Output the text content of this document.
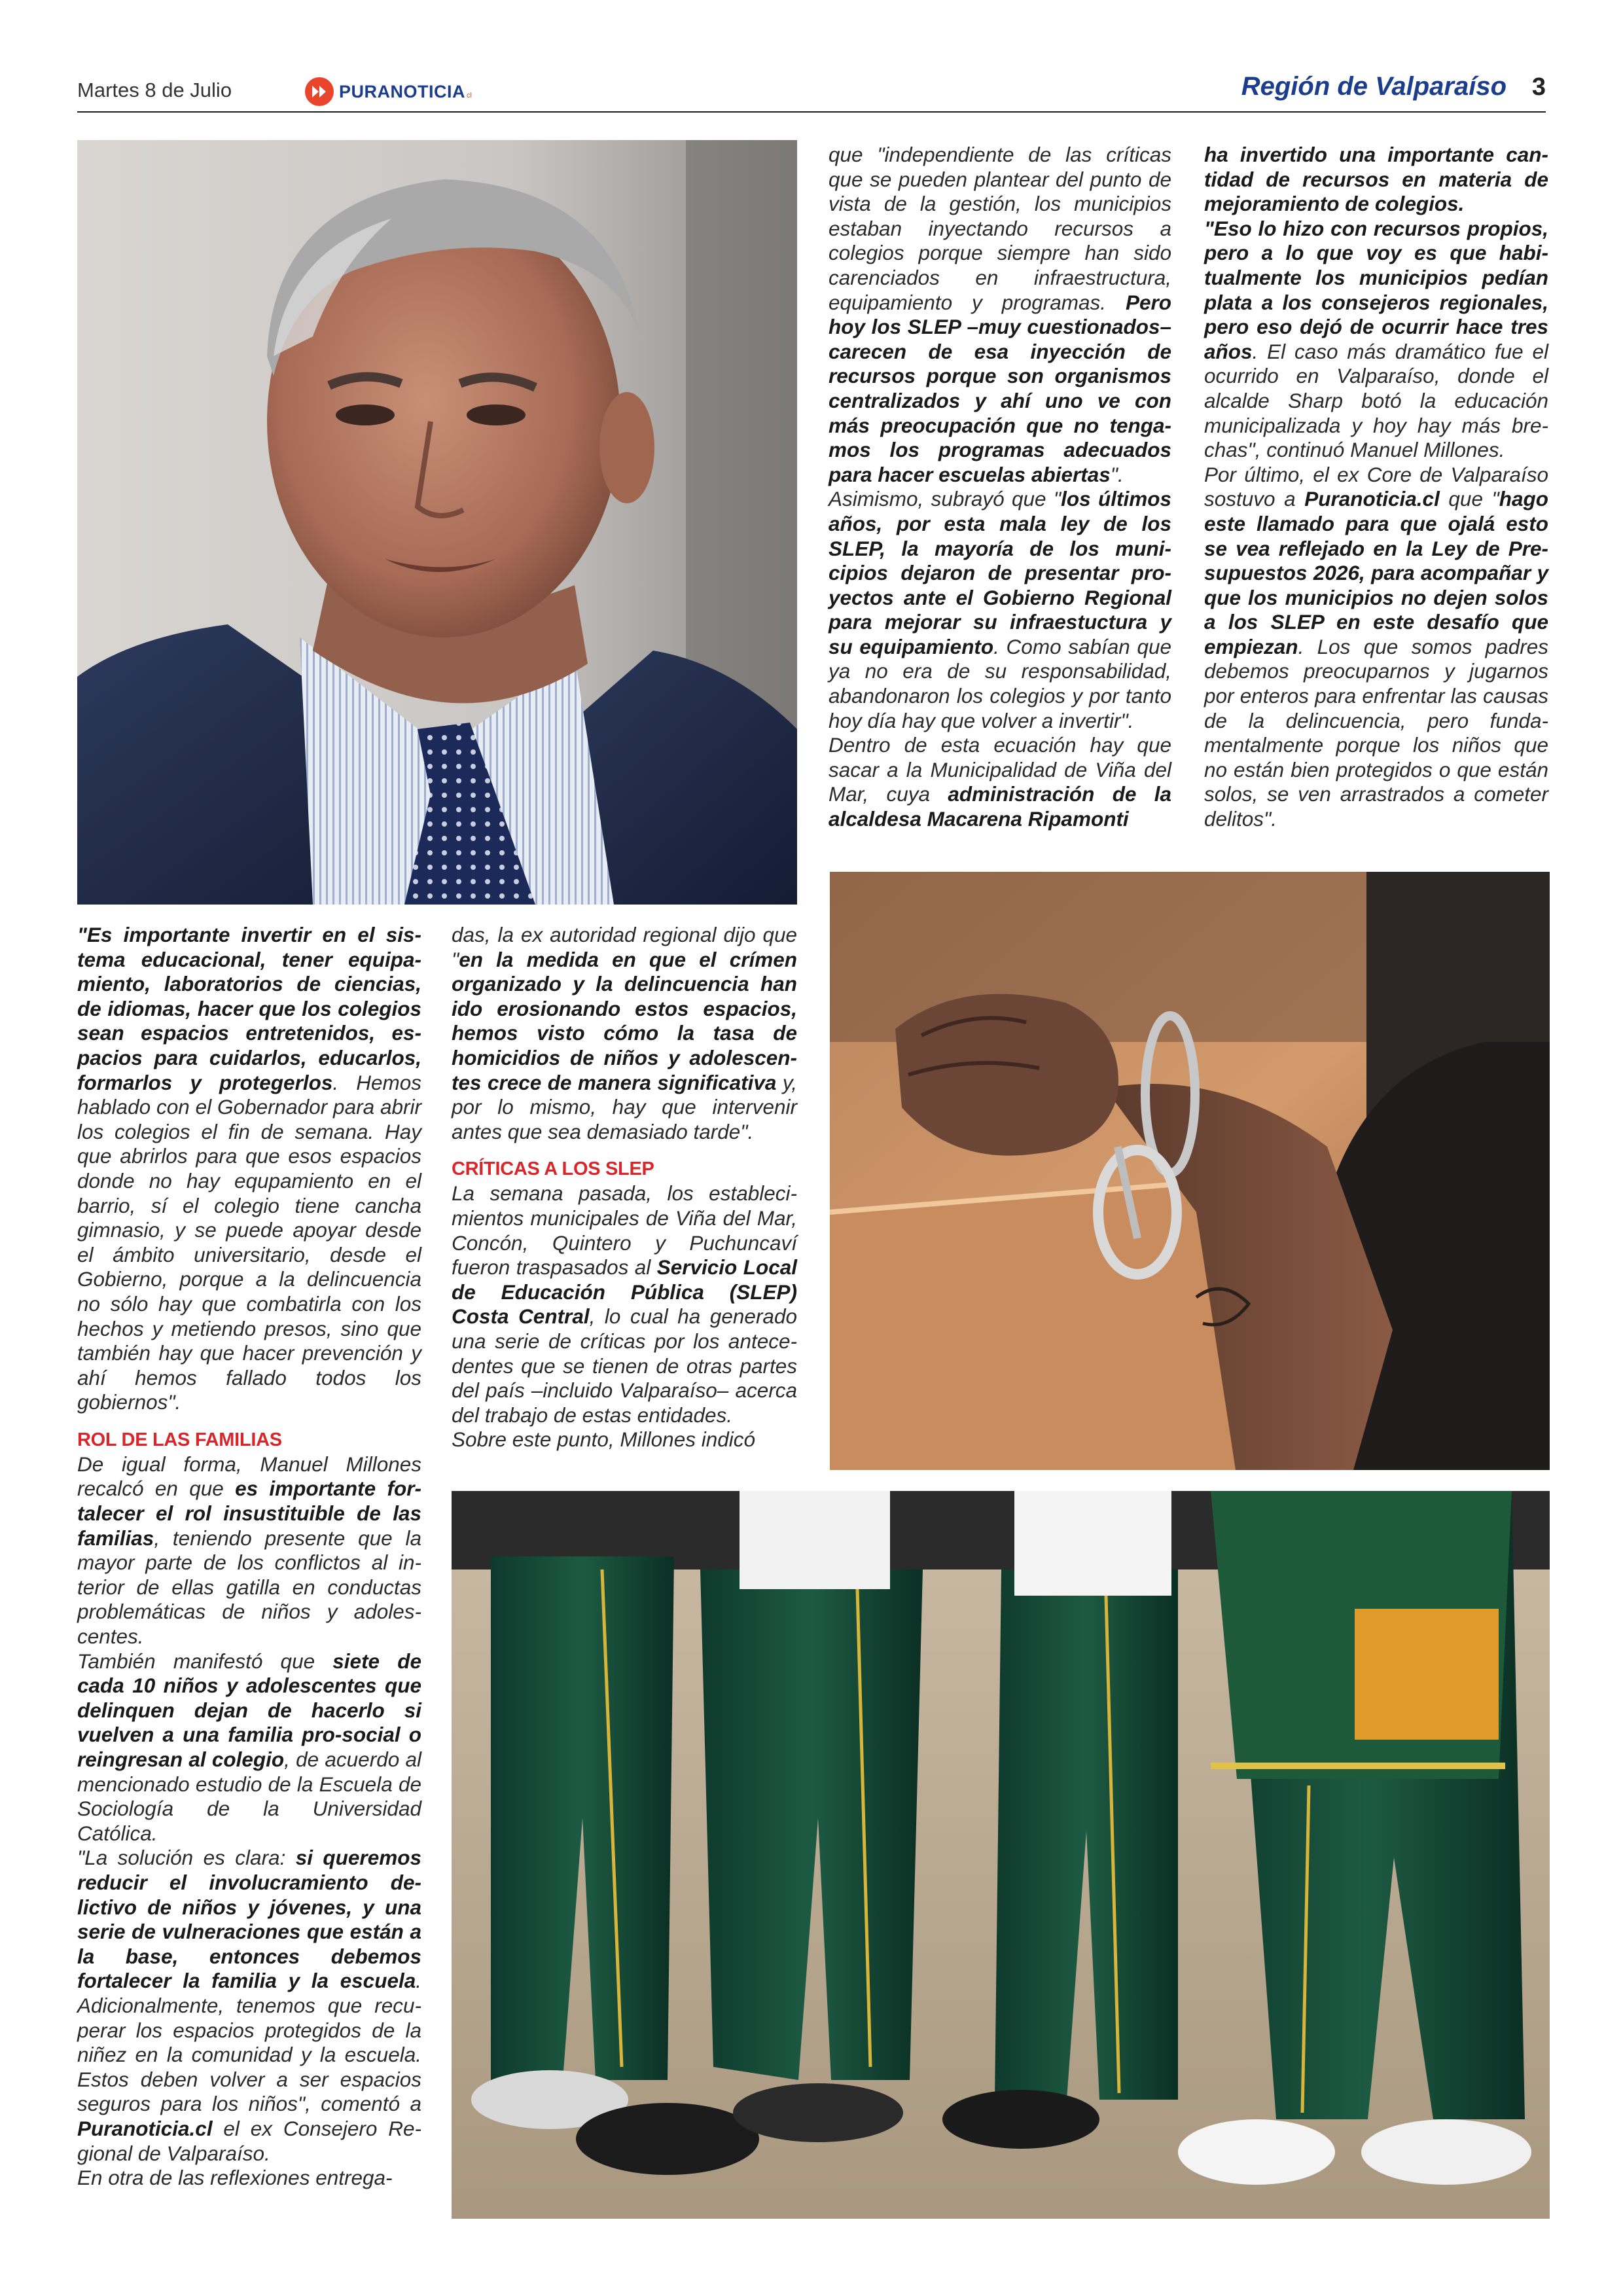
Martes 8 de Julio	PURANOTICIA cl	Región de Valparaíso 3

que "independiente de las críticas que se pueden plantear del punto de vista de la gestión, los municipios estaban inyectando recursos a colegios porque siempre han sido carenciados en infraestructura, equipamiento y programas. Pero hoy los SLEP –muy cuestionados– carecen de esa inyección de recursos porque son organismos centralizados y ahí uno ve con más preocupación que no tengamos los programas adecuados para hacer escuelas abiertas".

Asimismo, subrayó que "los últimos años, por esta mala ley de los SLEP, la mayoría de los municipios dejaron de presentar proyectos ante el Gobierno Regional para mejorar su infraestuctura y su equipamiento. Como sabían que ya no era de su responsabilidad, abandonaron los colegios y por tanto hoy día hay que volver a invertir".

Dentro de esta ecuación hay que sacar a la Municipalidad de Viña del Mar, cuya administración de la alcaldesa Macarena Ripamonti

ha invertido una importante cantidad de recursos en materia de mejoramiento de colegios.

"Eso lo hizo con recursos propios, pero a lo que voy es que habitualmente los municipios pedían plata a los consejeros regionales, pero eso dejó de ocurrir hace tres años. El caso más dramático fue el ocurrido en Valparaíso, donde el alcalde Sharp botó la educación municipalizada y hoy hay más brechas", continuó Manuel Millones.

Por último, el ex Core de Valparaíso sostuvo a Puranoticia.cl que "hago este llamado para que ojalá esto se vea reflejado en la Ley de Presupuestos 2026, para acompañar y que los municipios no dejen solos a los SLEP en este desafío que empiezan. Los que somos padres debemos preocuparnos y jugarnos por enteros para enfrentar las causas de la delincuencia, pero fundamentalmente porque los niños que no están bien protegidos o que están solos, se ven arrastrados a cometer delitos".

"Es importante invertir en el sistema educacional, tener equipamiento, laboratorios de ciencias, de idiomas, hacer que los colegios sean espacios entretenidos, espacios para cuidarlos, educarlos, formarlos y protegerlos. Hemos hablado con el Gobernador para abrir los colegios el fin de semana. Hay que abrirlos para que esos espacios donde no hay equpamiento en el barrio, sí el colegio tiene cancha gimnasio, y se puede apoyar desde el ámbito universitario, desde el Gobierno, porque a la delincuencia no sólo hay que combatirla con los hechos y metiendo presos, sino que también hay que hacer prevención y ahí hemos fallado todos los gobiernos".

ROL DE LAS FAMILIAS

De igual forma, Manuel Millones recalcó en que es importante fortalecer el rol insustituible de las familias, teniendo presente que la mayor parte de los conflictos al interior de ellas gatilla en conductas problemáticas de niños y adolescentes.

También manifestó que siete de cada 10 niños y adolescentes que delinquen dejan de hacerlo si vuelven a una familia pro-social o reingresan al colegio, de acuerdo al mencionado estudio de la Escuela de Sociología de la Universidad Católica.

"La solución es clara: si queremos reducir el involucramiento delictivo de niños y jóvenes, y una serie de vulneraciones que están a la base, entonces debemos fortalecer la familia y la escuela. Adicionalmente, tenemos que recuperar los espacios protegidos de la niñez en la comunidad y la escuela. Estos deben volver a ser espacios seguros para los niños", comentó a Puranoticia.cl el ex Consejero Regional de Valparaíso.

En otra de las reflexiones entrega-

das, la ex autoridad regional dijo que "en la medida en que el crímen organizado y la delincuencia han ido erosionando estos espacios, hemos visto cómo la tasa de homicidios de niños y adolescentes crece de manera significativa y, por lo mismo, hay que intervenir antes que sea demasiado tarde".

CRÍTICAS A LOS SLEP

La semana pasada, los establecimientos municipales de Viña del Mar, Concón, Quintero y Puchuncaví fueron traspasados al Servicio Local de Educación Pública (SLEP) Costa Central, lo cual ha generado una serie de críticas por los antecedentes que se tienen de otras partes del país –incluido Valparaíso– acerca del trabajo de estas entidades.

Sobre este punto, Millones indicó
